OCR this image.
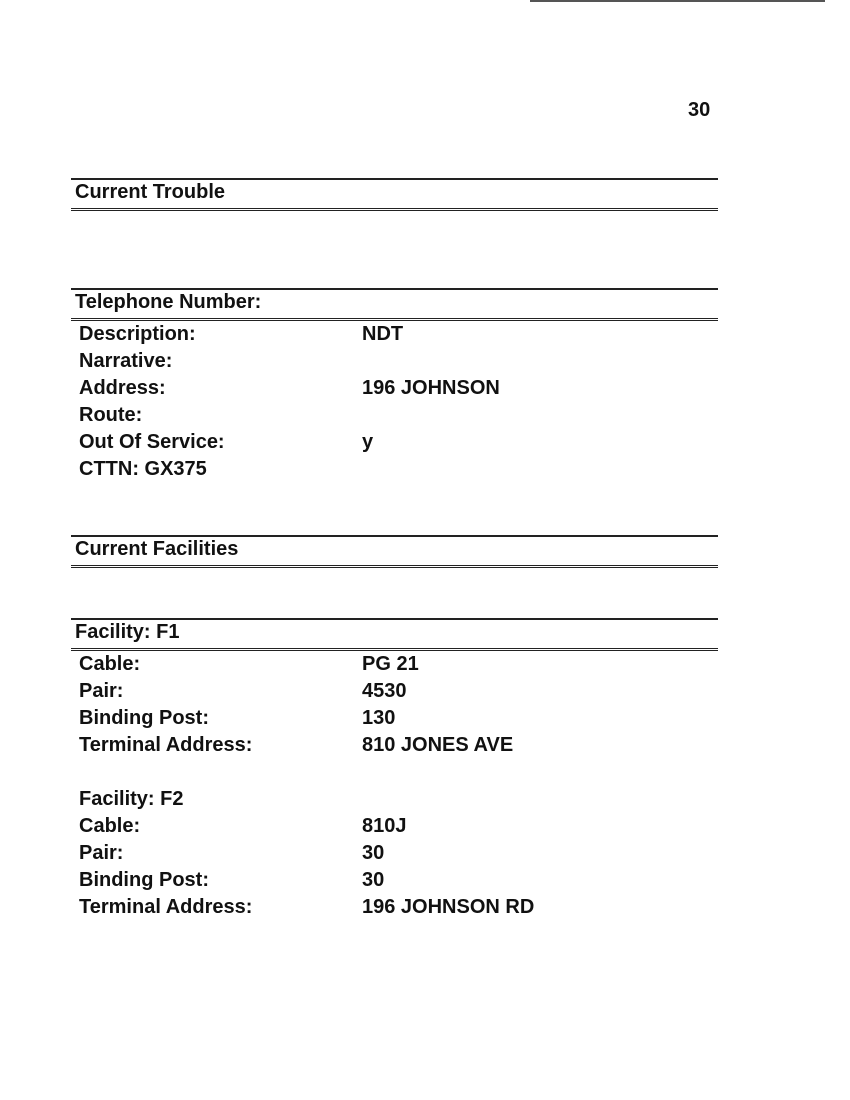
30
Current Trouble
Telephone Number:
Description:	NDT
Narrative:
Address:	196 JOHNSON
Route:
Out Of Service:	y
CTTN: GX375
Current Facilities
Facility: F1
Cable:	PG 21
Pair:	4530
Binding Post:	130
Terminal Address:	810 JONES AVE
Facility: F2
Cable:	810J
Pair:	30
Binding Post:	30
Terminal Address:	196 JOHNSON RD
